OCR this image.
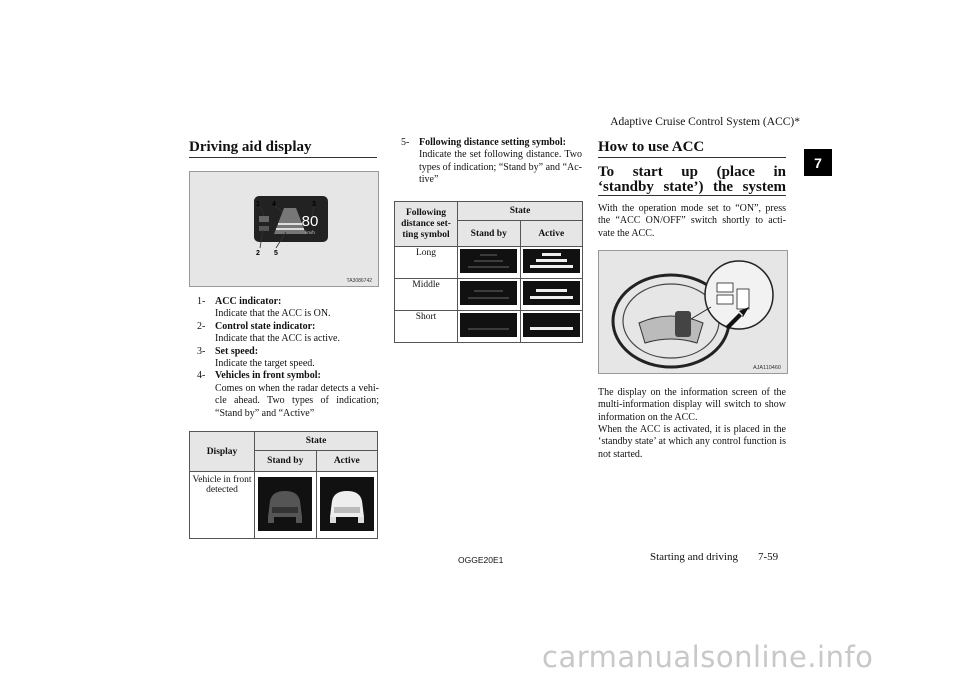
Adaptive Cruise Control System (ACC)*
7
Driving aid display
80
km/h
1 4	3
2 5
TA3086742
1- ACC indicator:
Indicate that the ACC is ON.
2- Control state indicator:
Indicate that the ACC is active.
3- Set speed:
Indicate the target speed.
4- Vehicles in front symbol:
Comes on when the radar detects a vehi- cle ahead. Two types of indication; “Stand by” and “Active”
Display	State	
	Stand by	Active
Vehicle in front detected		
5- Following distance setting symbol:
Indicate the set following distance. Two types of indication; “Stand by” and “Ac- tive”
Following distance set- ting symbol	State	
	Stand by	Active
Long		
Middle		
Short		
How to use ACC
To start up (place in ‘standby state’) the system
With the operation mode set to “ON”, press the “ACC ON/OFF” switch shortly to acti- vate the ACC.
AJA110460
The display on the information screen of the multi-information display will switch to show information on the ACC.
When the ACC is activated, it is placed in the ‘standby state’ at which any control function is not started.
OGGE20E1	Starting and driving 7-59
carmanualsonline.info
